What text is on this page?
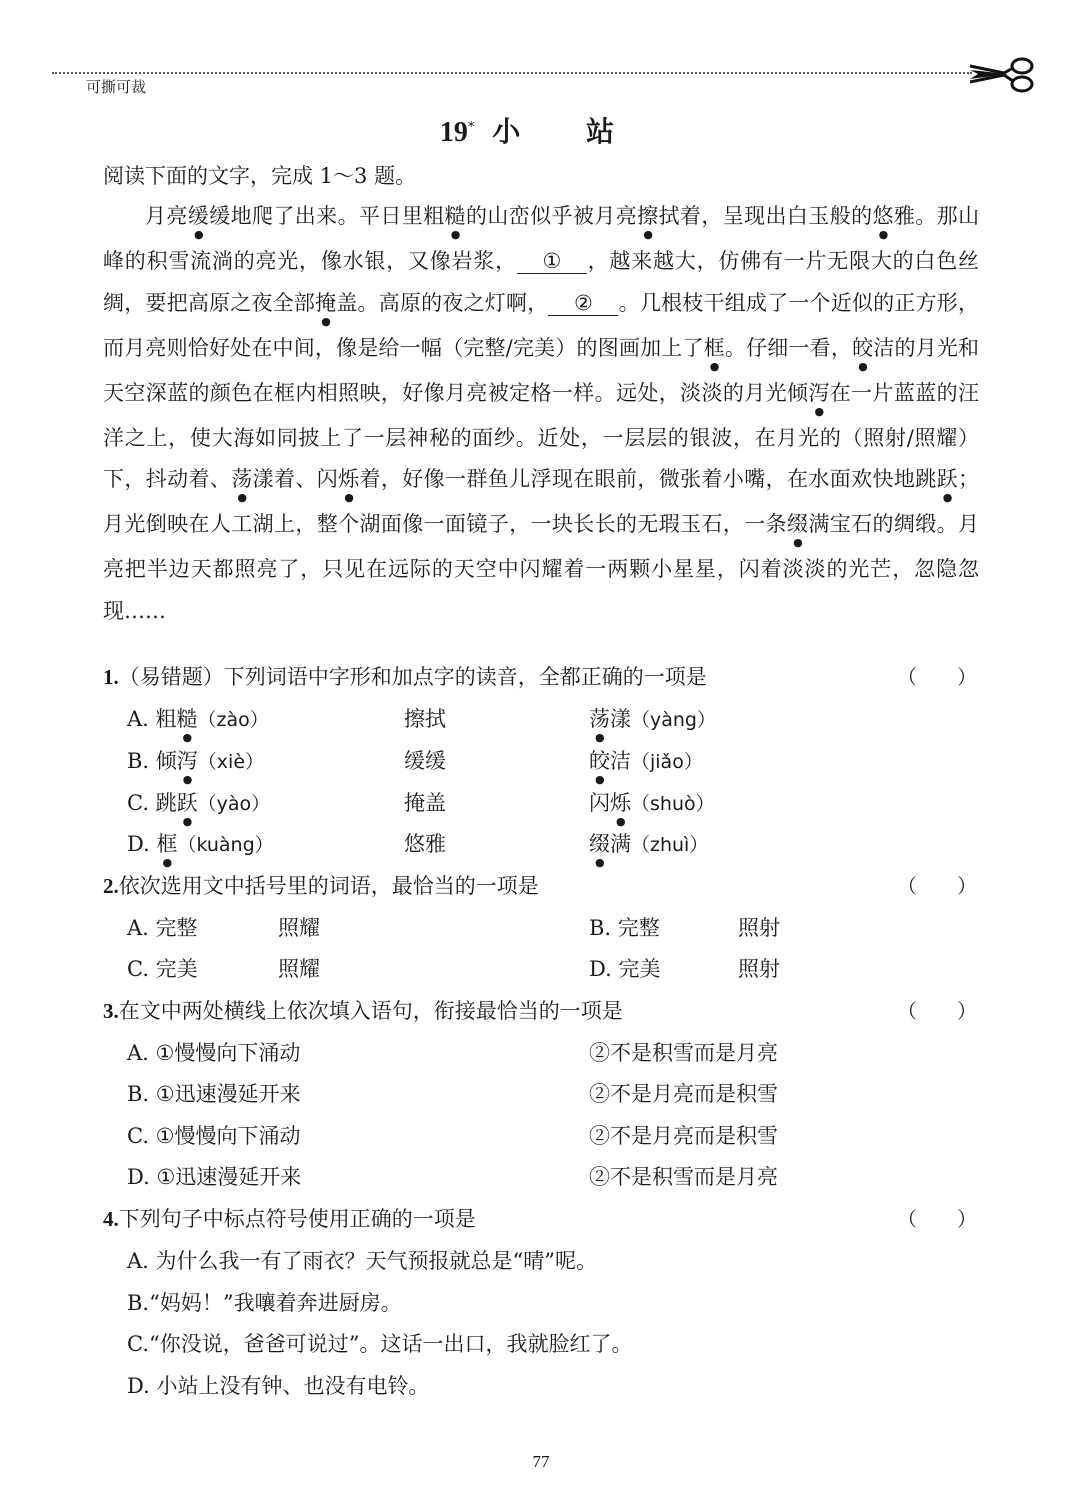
可撕可裁
19* 小 站
阅读下面的文字，完成 1～3 题。

月亮缓缓地爬了出来。平日里粗糙的山峦似乎被月亮擦拭着，呈现出白玉般的悠雅。那山峰的积雪流淌的亮光，像水银，又像岩浆， ① ，越来越大，仿佛有一片无限大的白色丝绸，要把高原之夜全部掩盖。高原的夜之灯啊， ② 。几根枝干组成了一个近似的正方形，而月亮则恰好处在中间，像是给一幅（完整/完美）的图画加上了框。仔细一看，皎洁的月光和天空深蓝的颜色在框内相照映，好像月亮被定格一样。远处，淡淡的月光倾泻在一片蓝蓝的汪洋之上，使大海如同披上了一层神秘的面纱。近处，一层层的银波，在月光的（照射/照耀）下，抖动着、荡漾着、闪烁着，好像一群鱼儿浮现在眼前，微张着小嘴，在水面欢快地跳跃；月光倒映在人工湖上，整个湖面像一面镜子，一块长长的无瑕玉石，一条缀满宝石的绸缎。月亮把半边天都照亮了，只见在远际的天空中闪耀着一两颗小星星，闪着淡淡的光芒，忽隐忽现……

1.（易错题）下列词语中字形和加点字的读音，全都正确的一项是	（　　）
A. 粗糙（zào）	擦拭	荡漾（yàng）
B. 倾泻（xiè）	缓缓	皎洁（jiǎo）
C. 跳跃（yào）	掩盖	闪烁（shuò）
D. 框（kuàng）	悠雅	缀满（zhuì）
2.依次选用文中括号里的词语，最恰当的一项是	（　　）
A. 完整	照耀	B. 完整	照射
C. 完美	照耀	D. 完美	照射
3.在文中两处横线上依次填入语句，衔接最恰当的一项是	（　　）
A. ①慢慢向下涌动	②不是积雪而是月亮
B. ①迅速漫延开来	②不是月亮而是积雪
C. ①慢慢向下涌动	②不是月亮而是积雪
D. ①迅速漫延开来	②不是积雪而是月亮
4.下列句子中标点符号使用正确的一项是	（　　）
A. 为什么我一有了雨衣？天气预报就总是“晴”呢。
B.“妈妈！”我嚷着奔进厨房。
C.“你没说，爸爸可说过”。这话一出口，我就脸红了。
D. 小站上没有钟、也没有电铃。
77
